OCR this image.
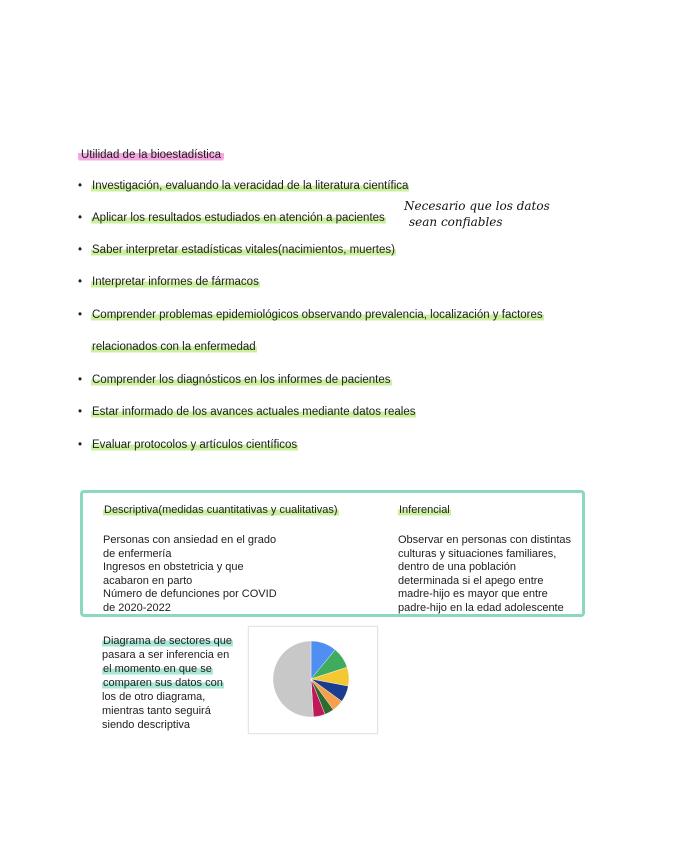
Utilidad de la bioestadística
• Investigación, evaluando la veracidad de la literatura científica
• Aplicar los resultados estudiados en atención a pacientes
• Saber interpretar estadísticas vitales(nacimientos, muertes)
• Interpretar informes de fármacos
• Comprender problemas epidemiológicos observando prevalencia, localización y factores
relacionados con la enfermedad
• Comprender los diagnósticos en los informes de pacientes
• Estar informado de los avances actuales mediante datos reales
• Evaluar protocolos y artículos científicos
Necesario que los datos
sean confiables
Descriptiva(medidas cuantitativas y cualitativas)
Personas con ansiedad en el grado
de enfermería
Ingresos en obstetricia y que
acabaron en parto
Número de defunciones por COVID
de 2020-2022
Inferencial
Observar en personas con distintas
culturas y situaciones familiares,
dentro de una población
determinada si el apego entre
madre-hijo es mayor que entre
padre-hijo en la edad adolescente
Diagrama de sectores que
pasara a ser inferencia en
el momento en que se
comparen sus datos con
los de otro diagrama,
mientras tanto seguirá
siendo descriptiva
